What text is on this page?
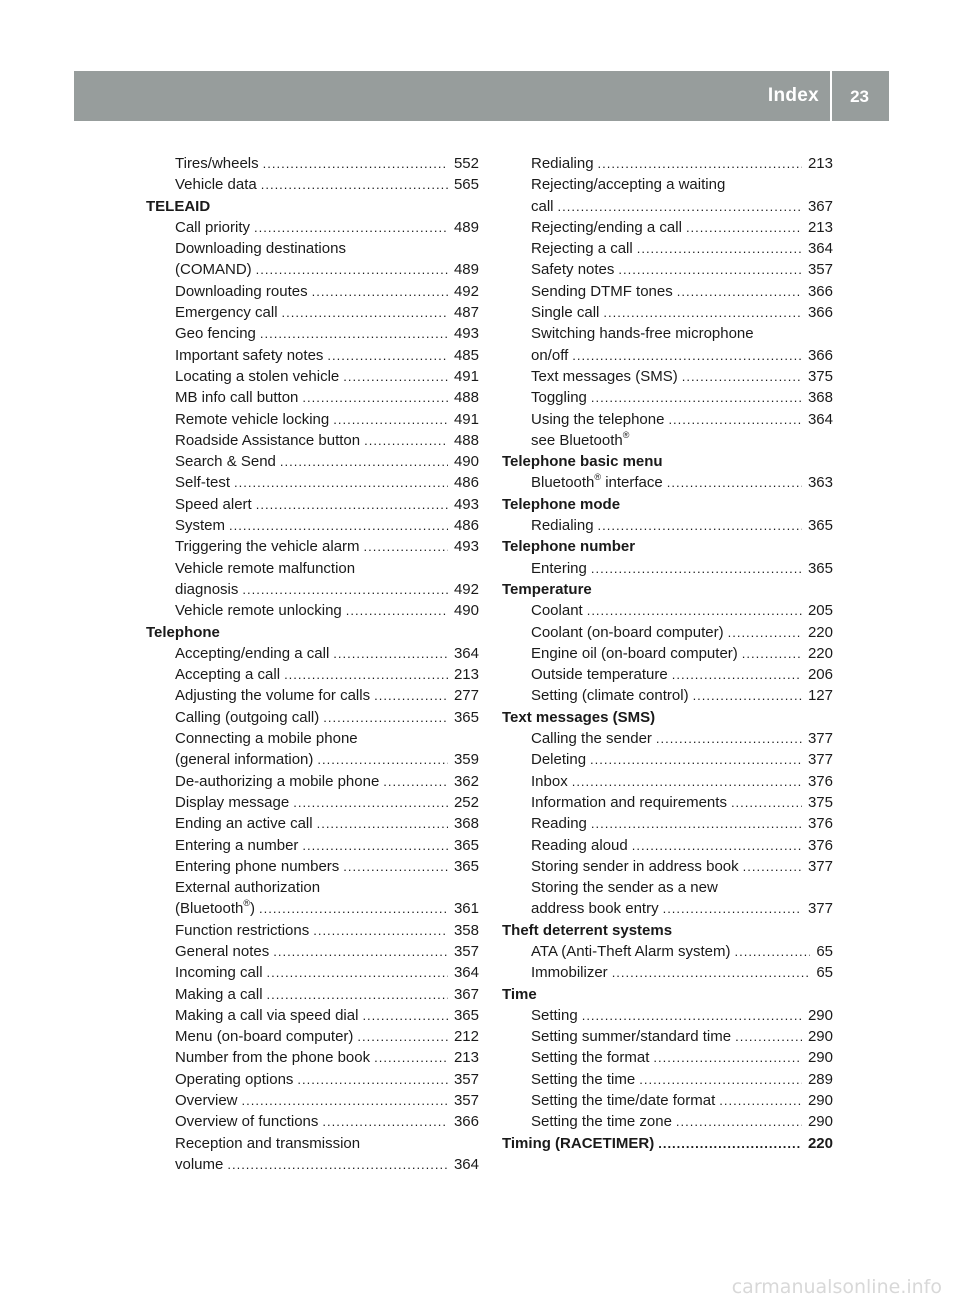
Index 23
Tires/wheels .....	552
Vehicle data .....	565
TELEAID
Call priority .....	489
Downloading destinations
(COMAND) .....	489
Downloading routes .....	492
Emergency call .....	487
Geo fencing .....	493
Important safety notes .....	485
Locating a stolen vehicle .....	491
MB info call button .....	488
Remote vehicle locking .....	491
Roadside Assistance button .....	488
Search & Send .....	490
Self-test .....	486
Speed alert .....	493
System .....	486
Triggering the vehicle alarm .....	493
Vehicle remote malfunction
diagnosis .....	492
Vehicle remote unlocking .....	490
Telephone
Accepting/ending a call .....	364
Accepting a call .....	213
Adjusting the volume for calls .....	277
Calling (outgoing call) .....	365
Connecting a mobile phone
(general information) .....	359
De-authorizing a mobile phone .....	362
Display message .....	252
Ending an active call .....	368
Entering a number .....	365
Entering phone numbers .....	365
External authorization
(Bluetooth®) .....	361
Function restrictions .....	358
General notes .....	357
Incoming call .....	364
Making a call .....	367
Making a call via speed dial .....	365
Menu (on-board computer) .....	212
Number from the phone book .....	213
Operating options .....	357
Overview .....	357
Overview of functions .....	366
Reception and transmission
volume .....	364
Redialing .....	213
Rejecting/accepting a waiting
call .....	367
Rejecting/ending a call .....	213
Rejecting a call .....	364
Safety notes .....	357
Sending DTMF tones .....	366
Single call .....	366
Switching hands-free microphone
on/off .....	366
Text messages (SMS) .....	375
Toggling .....	368
Using the telephone .....	364
see Bluetooth®
Telephone basic menu
Bluetooth® interface .....	363
Telephone mode
Redialing .....	365
Telephone number
Entering .....	365
Temperature
Coolant .....	205
Coolant (on-board computer) .....	220
Engine oil (on-board computer) .....	220
Outside temperature .....	206
Setting (climate control) .....	127
Text messages (SMS)
Calling the sender .....	377
Deleting .....	377
Inbox .....	376
Information and requirements .....	375
Reading .....	376
Reading aloud .....	376
Storing sender in address book .....	377
Storing the sender as a new
address book entry .....	377
Theft deterrent systems
ATA (Anti-Theft Alarm system) .....	65
Immobilizer .....	65
Time
Setting .....	290
Setting summer/standard time .....	290
Setting the format .....	290
Setting the time .....	289
Setting the time/date format .....	290
Setting the time zone .....	290
Timing (RACETIMER) .....	220
carmanualsonline.info
